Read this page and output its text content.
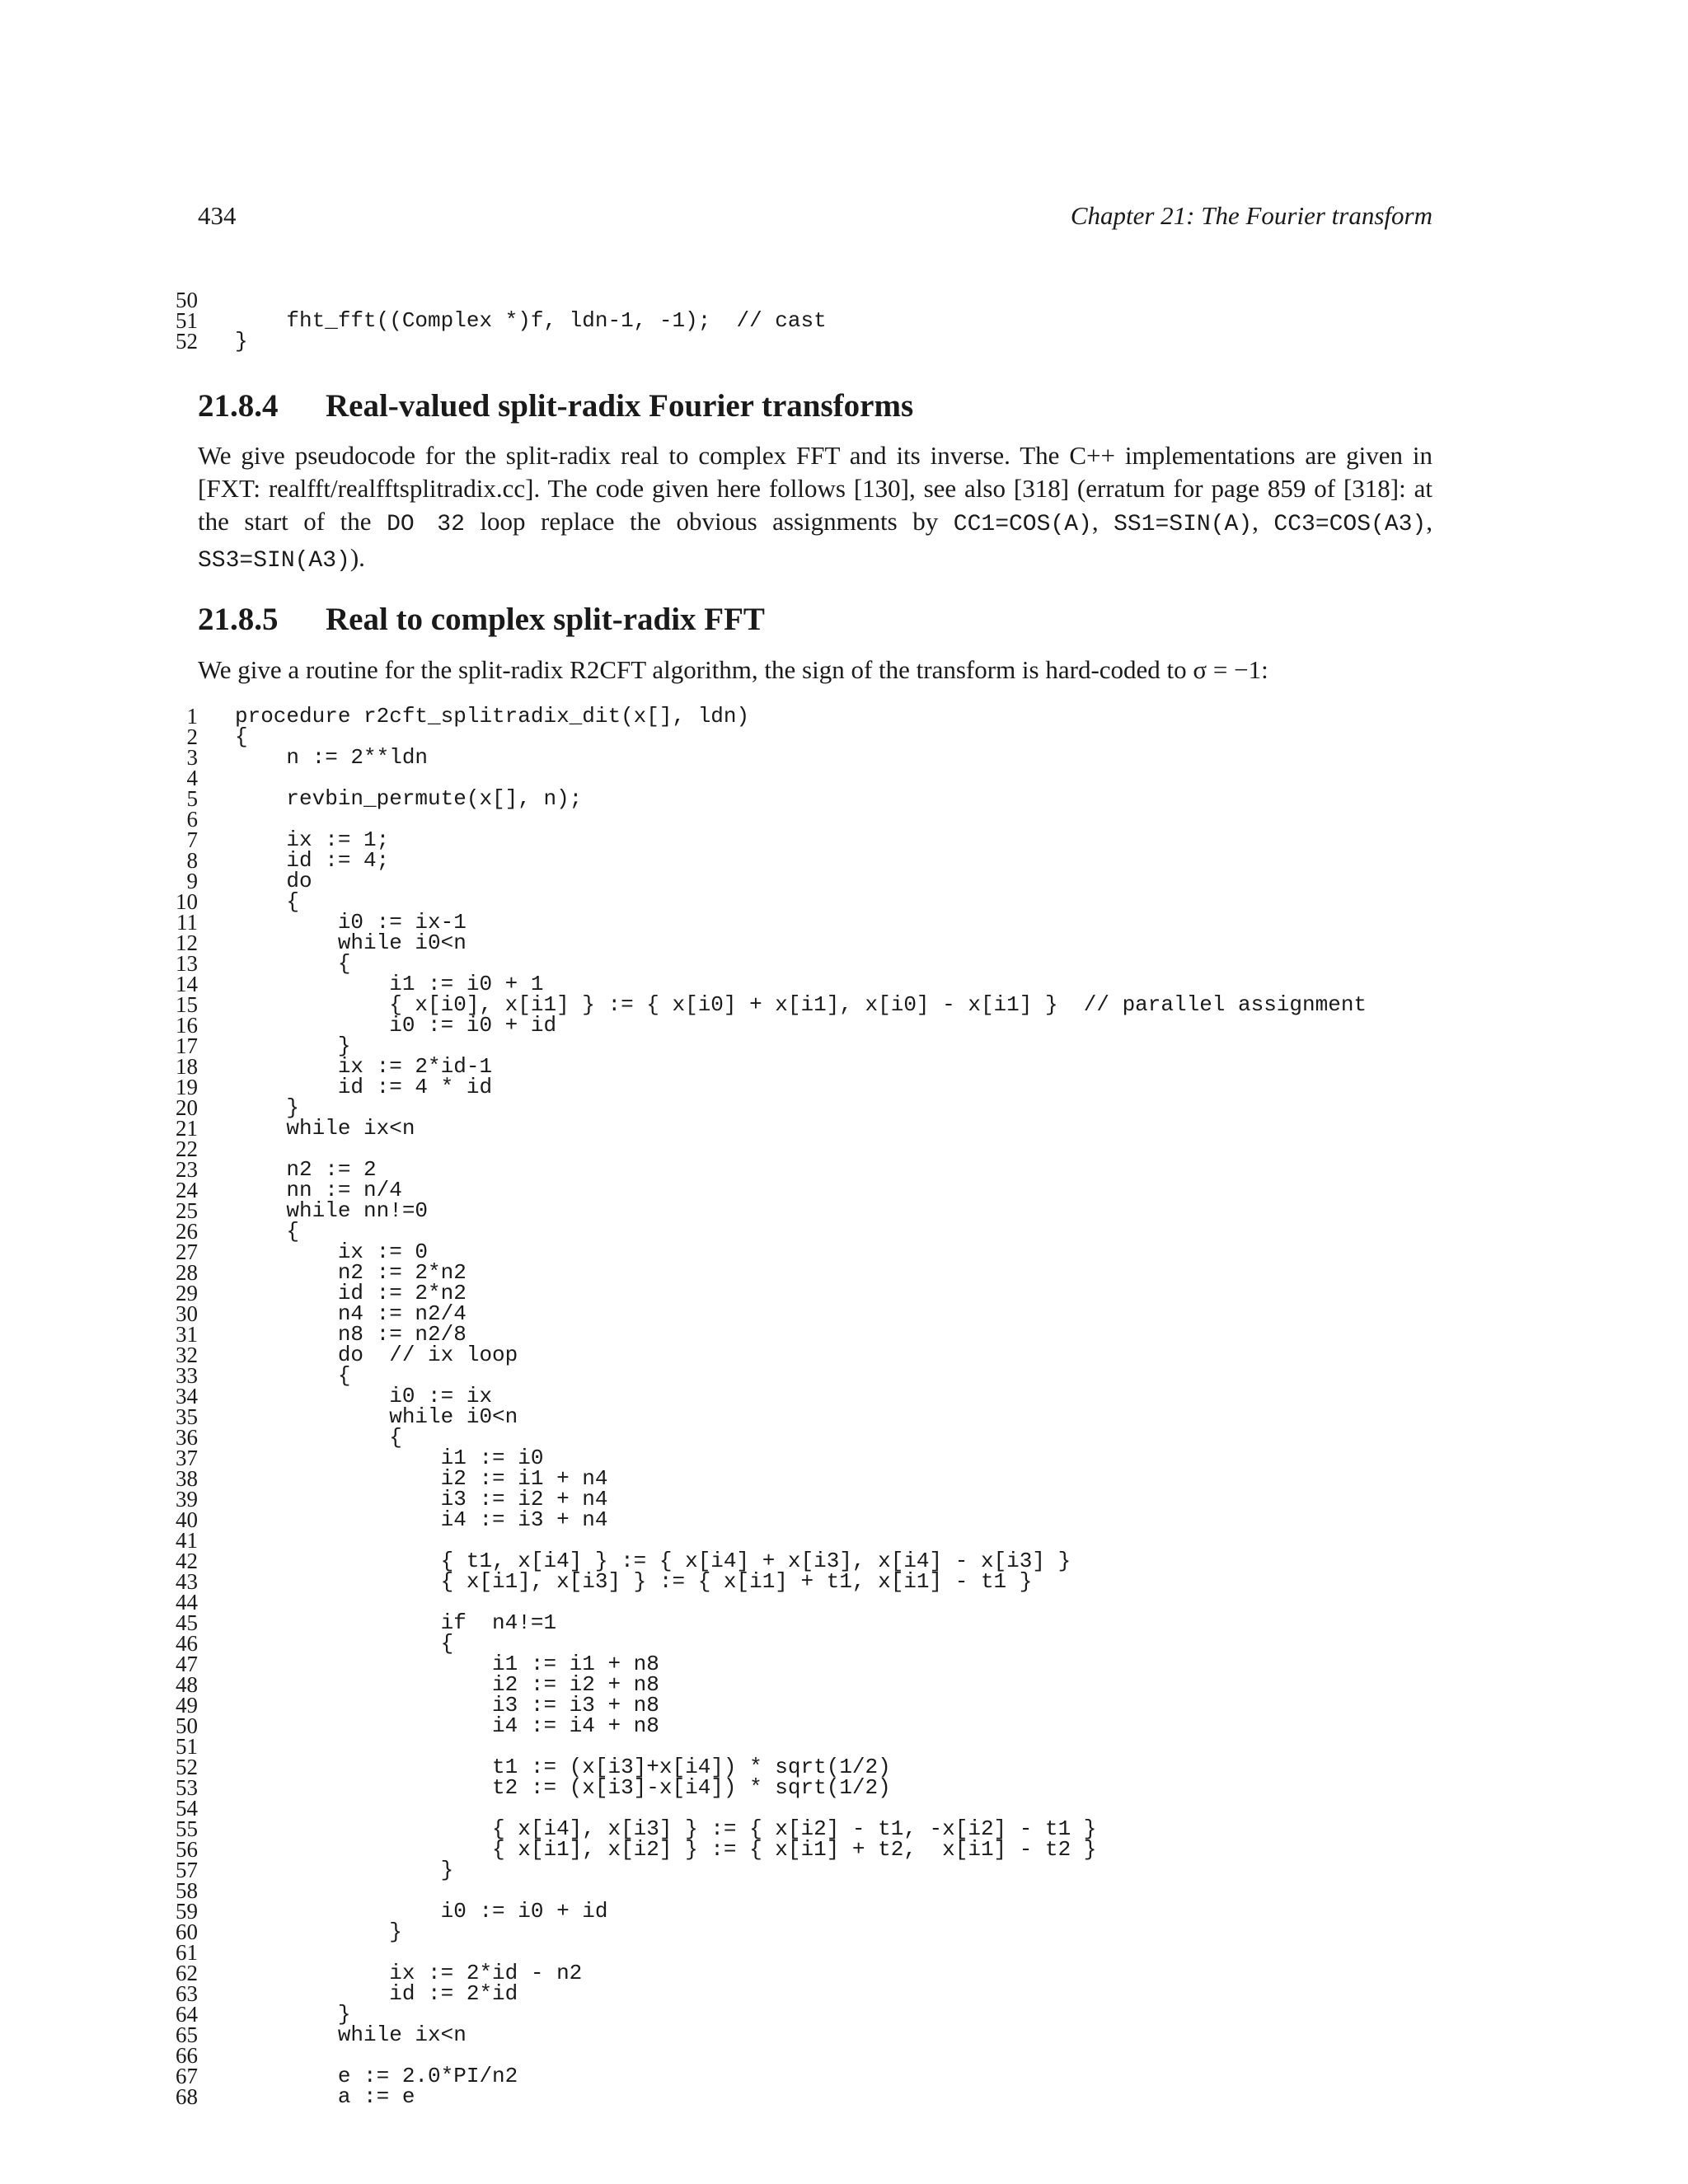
434	Chapter 21: The Fourier transform
50
51 fht_fft((Complex *)f, ldn-1, -1);  // cast
52 }
21.8.4 Real-valued split-radix Fourier transforms
We give pseudocode for the split-radix real to complex FFT and its inverse. The C++ implementations are given in [FXT: realfft/realfftsplitradix.cc]. The code given here follows [130], see also [318] (erratum for page 859 of [318]: at the start of the DO 32 loop replace the obvious assignments by CC1=COS(A), SS1=SIN(A), CC3=COS(A3), SS3=SIN(A3)).
21.8.5 Real to complex split-radix FFT
We give a routine for the split-radix R2CFT algorithm, the sign of the transform is hard-coded to σ = −1:
1 procedure r2cft_splitradix_dit(x[], ldn)
2 {
3 n := 2**ldn
4
5 revbin_permute(x[], n);
6
7 ix := 1;
8 id := 4;
9 do
10 {
11 i0 := ix-1
12 while i0<n
13 {
14 i1 := i0 + 1
15 { x[i0], x[i1] } := { x[i0] + x[i1], x[i0] - x[i1] }  // parallel assignment
16 i0 := i0 + id
17 }
18 ix := 2*id-1
19 id := 4 * id
20 }
21 while ix<n
22
23 n2 := 2
24 nn := n/4
25 while nn!=0
26 {
27 ix := 0
28 n2 := 2*n2
29 id := 2*n2
30 n4 := n2/4
31 n8 := n2/8
32 do  // ix loop
33 {
34 i0 := ix
35 while i0<n
36 {
37 i1 := i0
38 i2 := i1 + n4
39 i3 := i2 + n4
40 i4 := i3 + n4
41
42 { t1, x[i4] } := { x[i4] + x[i3], x[i4] - x[i3] }
43 { x[i1], x[i3] } := { x[i1] + t1, x[i1] - t1 }
44
45 if  n4!=1
46 {
47 i1 := i1 + n8
48 i2 := i2 + n8
49 i3 := i3 + n8
50 i4 := i4 + n8
51
52 t1 := (x[i3]+x[i4]) * sqrt(1/2)
53 t2 := (x[i3]-x[i4]) * sqrt(1/2)
54
55 { x[i4], x[i3] } := { x[i2] - t1, -x[i2] - t1 }
56 { x[i1], x[i2] } := { x[i1] + t2,  x[i1] - t2 }
57 }
58
59 i0 := i0 + id
60 }
61
62 ix := 2*id - n2
63 id := 2*id
64 }
65 while ix<n
66
67 e := 2.0*PI/n2
68 a := e
